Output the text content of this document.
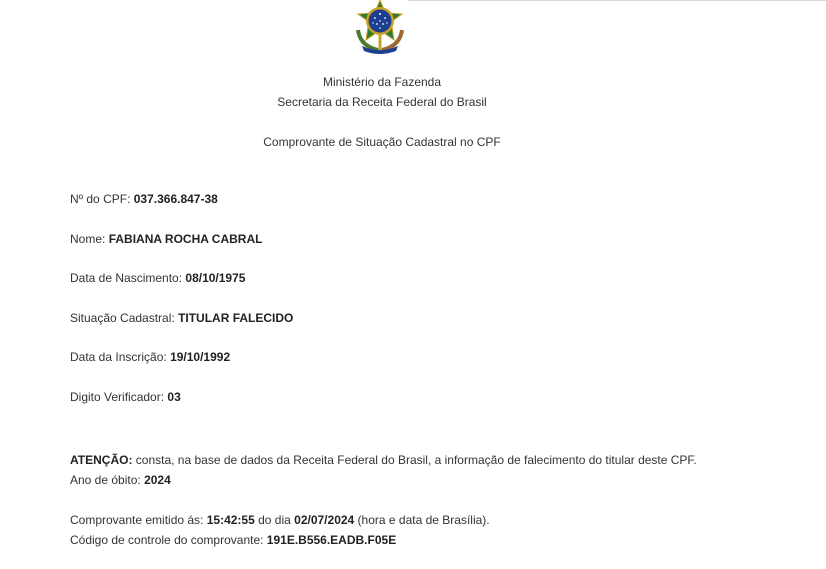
Ministério da Fazenda
Secretaria da Receita Federal do Brasil
Comprovante de Situação Cadastral no CPF
Nº do CPF: 037.366.847-38
Nome: FABIANA ROCHA CABRAL
Data de Nascimento: 08/10/1975
Situação Cadastral: TITULAR FALECIDO
Data da Inscrição: 19/10/1992
Digito Verificador: 03
ATENÇÃO: consta, na base de dados da Receita Federal do Brasil, a informação de falecimento do titular deste CPF.
Ano de óbito: 2024
Comprovante emitido ás: 15:42:55 do dia 02/07/2024 (hora e data de Brasília).
Código de controle do comprovante: 191E.B556.EADB.F05E
